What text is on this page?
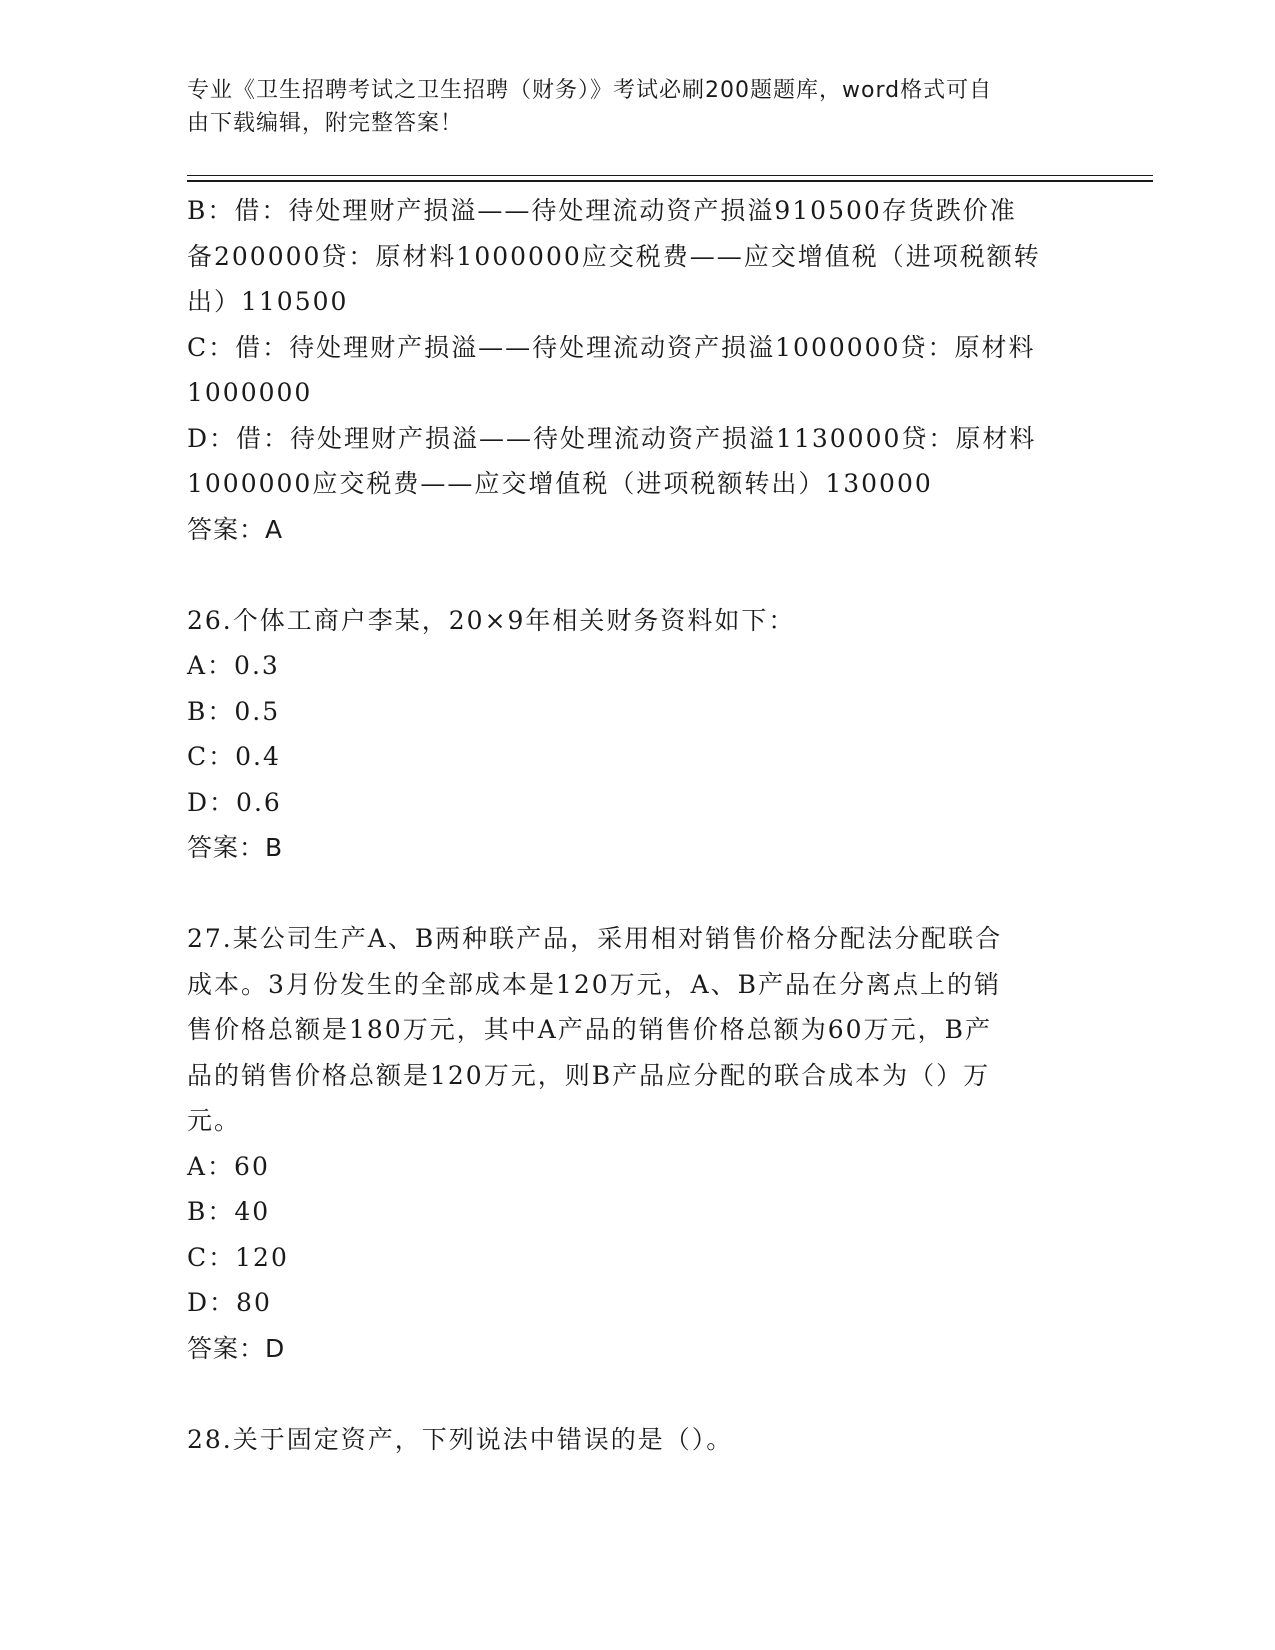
专业《卫生招聘考试之卫生招聘（财务）》考试必刷200题题库，word格式可自
由下载编辑，附完整答案！
B：借：待处理财产损溢——待处理流动资产损溢910500存货跌价准
备200000贷：原材料1000000应交税费——应交增值税（进项税额转
出）110500
C：借：待处理财产损溢——待处理流动资产损溢1000000贷：原材料
1000000
D：借：待处理财产损溢——待处理流动资产损溢1130000贷：原材料
1000000应交税费——应交增值税（进项税额转出）130000
答案：A
26.个体工商户李某，20×9年相关财务资料如下：
A：0.3
B：0.5
C：0.4
D：0.6
答案：B
27.某公司生产A、B两种联产品，采用相对销售价格分配法分配联合
成本。3月份发生的全部成本是120万元，A、B产品在分离点上的销
售价格总额是180万元，其中A产品的销售价格总额为60万元，B产
品的销售价格总额是120万元，则B产品应分配的联合成本为（）万
元。
A：60
B：40
C：120
D：80
答案：D
28.关于固定资产，下列说法中错误的是（）。
